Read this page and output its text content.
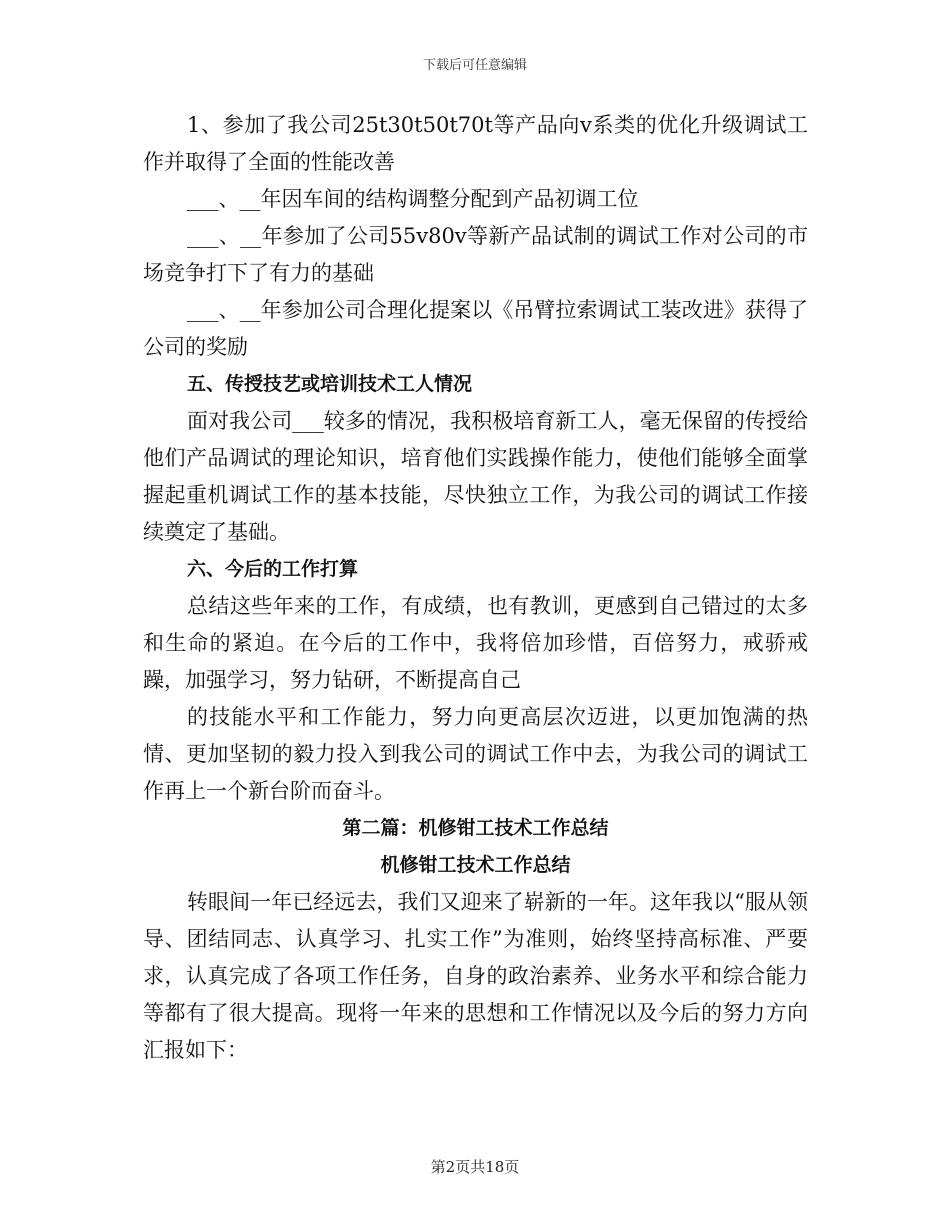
下载后可任意编辑

1、参加了我公司25t30t50t70t等产品向v系类的优化升级调试工作并取得了全面的性能改善

___、__年因车间的结构调整分配到产品初调工位

___、__年参加了公司55v80v等新产品试制的调试工作对公司的市场竞争打下了有力的基础

___、__年参加公司合理化提案以《吊臂拉索调试工装改进》获得了公司的奖励

五、传授技艺或培训技术工人情况

面对我公司___较多的情况，我积极培育新工人，毫无保留的传授给他们产品调试的理论知识，培育他们实践操作能力，使他们能够全面掌握起重机调试工作的基本技能，尽快独立工作，为我公司的调试工作接续奠定了基础。

六、今后的工作打算

总结这些年来的工作，有成绩，也有教训，更感到自己错过的太多和生命的紧迫。在今后的工作中，我将倍加珍惜，百倍努力，戒骄戒躁，加强学习，努力钻研，不断提高自己

的技能水平和工作能力，努力向更高层次迈进，以更加饱满的热情、更加坚韧的毅力投入到我公司的调试工作中去，为我公司的调试工作再上一个新台阶而奋斗。

第二篇：机修钳工技术工作总结

机修钳工技术工作总结

转眼间一年已经远去，我们又迎来了崭新的一年。这年我以“服从领导、团结同志、认真学习、扎实工作”为准则，始终坚持高标准、严要求，认真完成了各项工作任务，自身的政治素养、业务水平和综合能力等都有了很大提高。现将一年来的思想和工作情况以及今后的努力方向汇报如下：

第2页共18页
